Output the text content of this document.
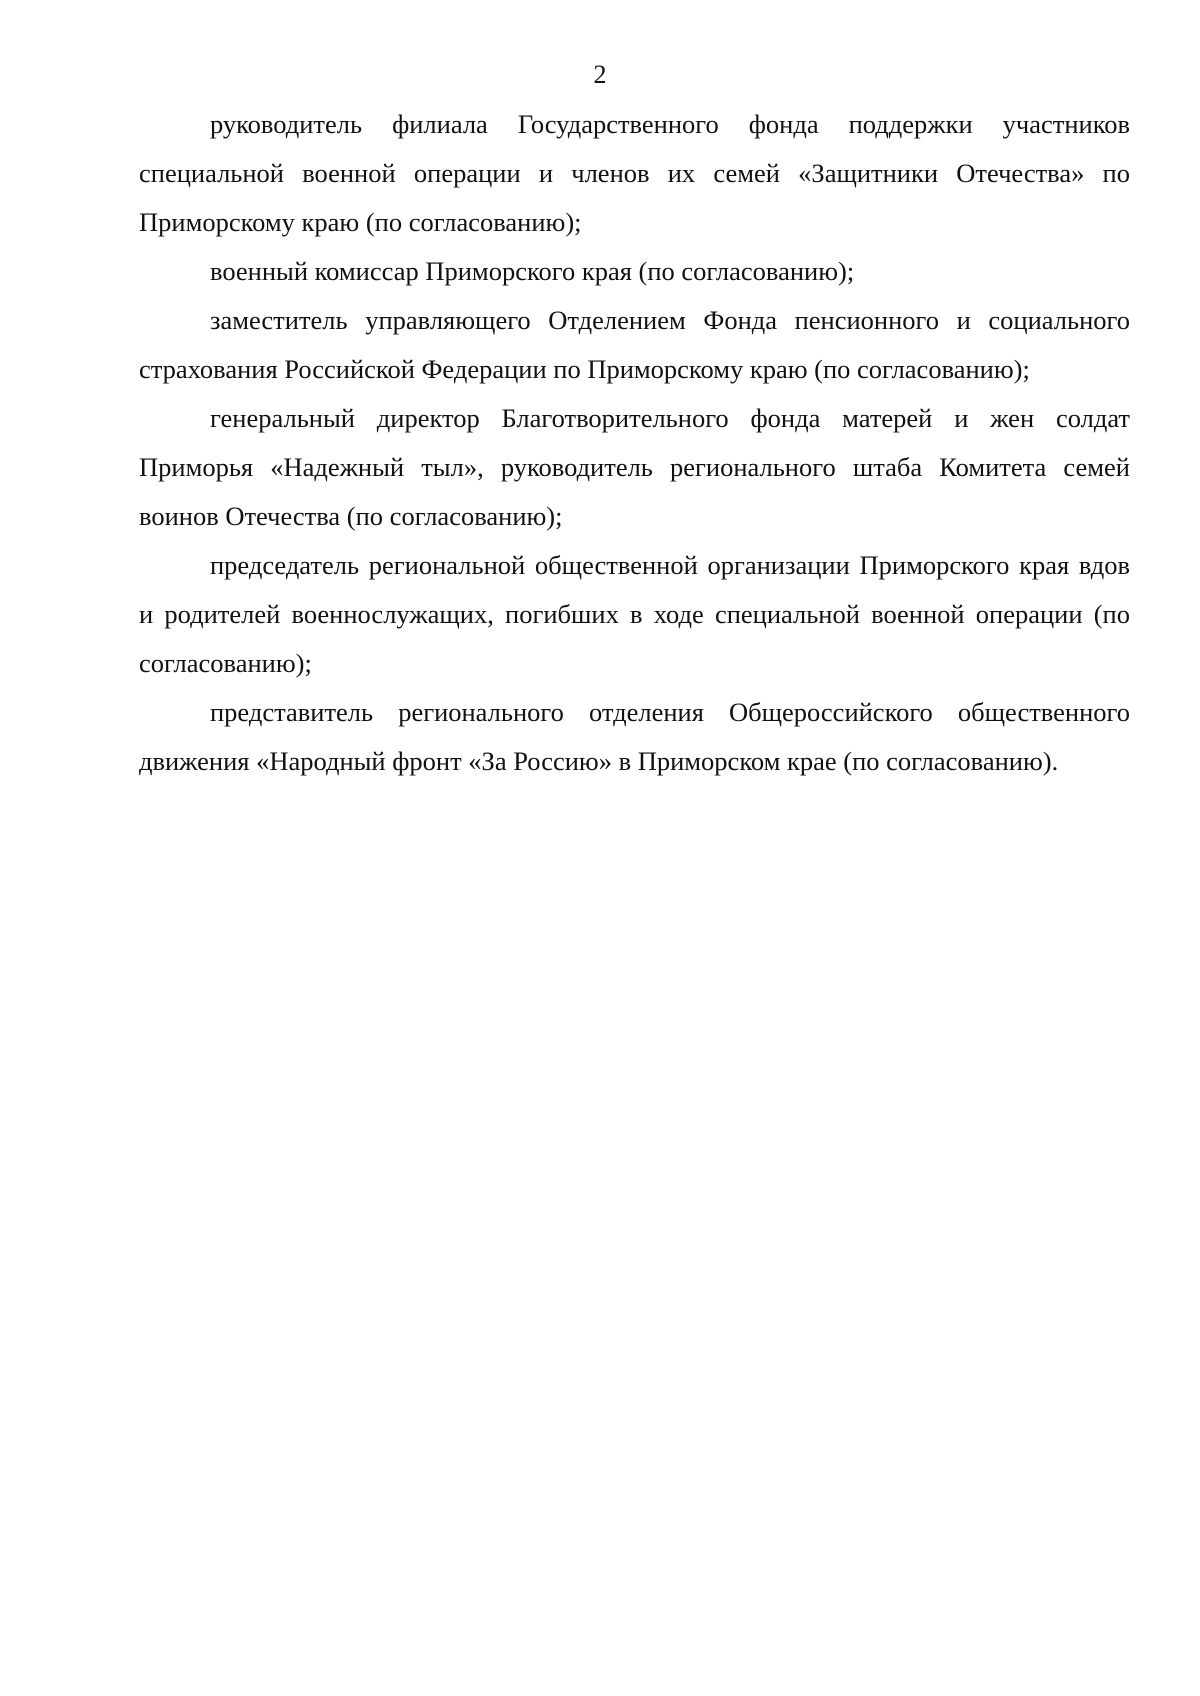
2

руководитель филиала Государственного фонда поддержки участников специальной военной операции и членов их семей «Защитники Отечества» по Приморскому краю (по согласованию);

военный комиссар Приморского края (по согласованию);

заместитель управляющего Отделением Фонда пенсионного и социального страхования Российской Федерации по Приморскому краю (по согласованию);

генеральный директор Благотворительного фонда матерей и жен солдат Приморья «Надежный тыл», руководитель регионального штаба Комитета семей воинов Отечества (по согласованию);

председатель региональной общественной организации Приморского края вдов и родителей военнослужащих, погибших в ходе специальной военной операции (по согласованию);

представитель регионального отделения Общероссийского общественного движения «Народный фронт «За Россию» в Приморском крае (по согласованию).
